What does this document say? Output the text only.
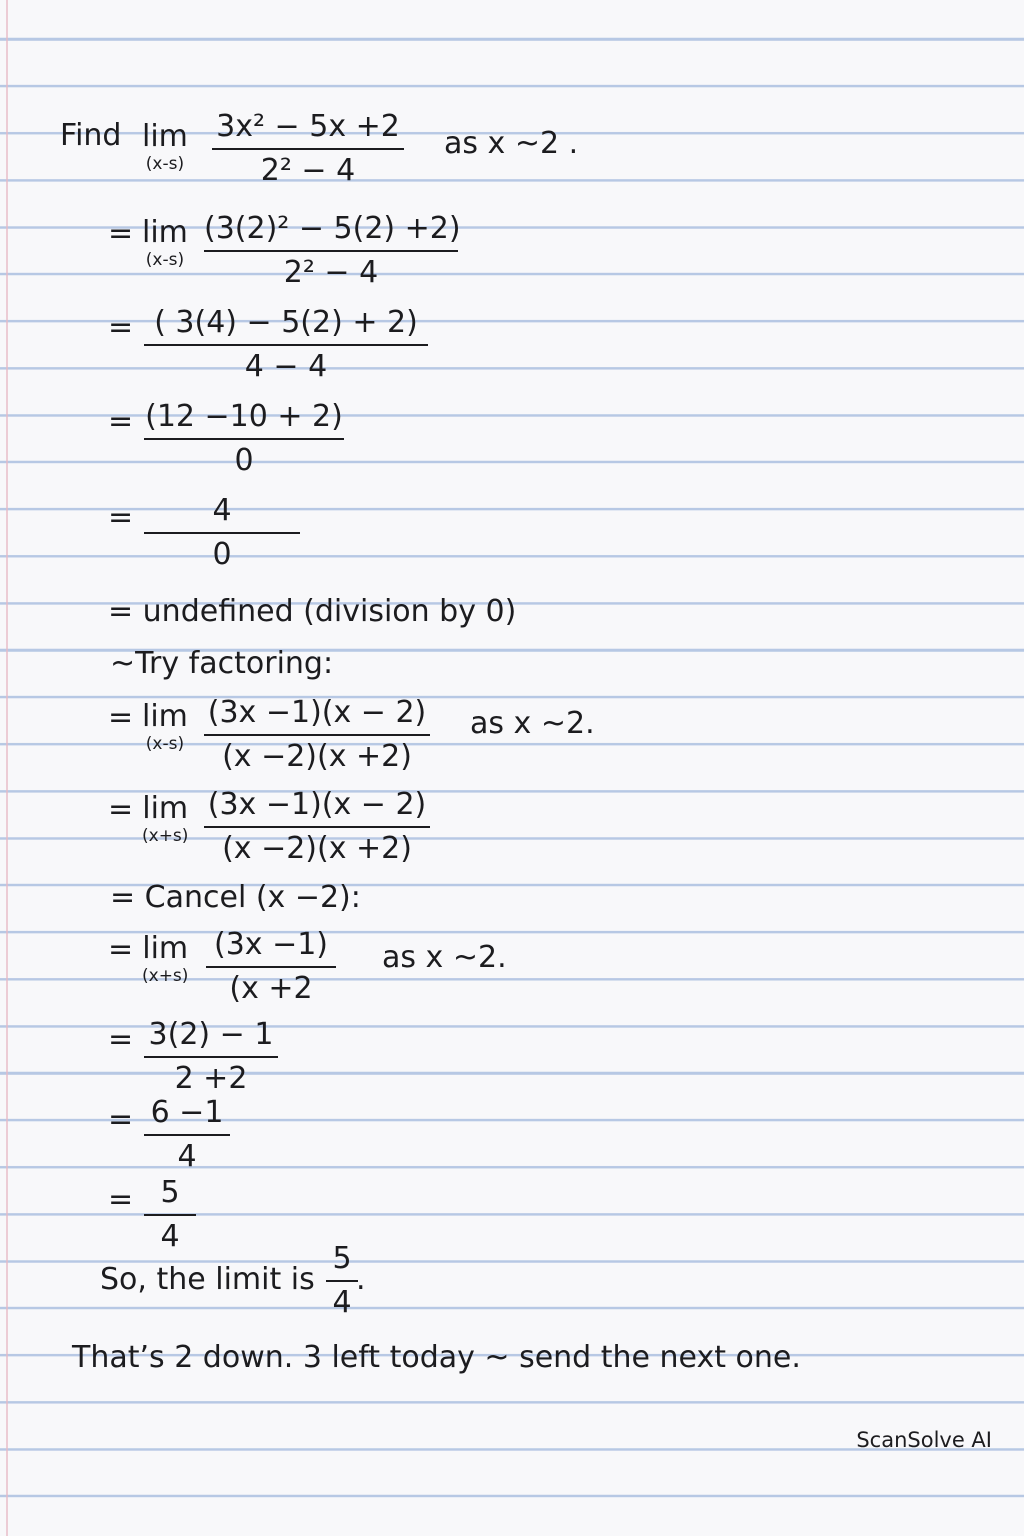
Find lim
(x-s)
3x² − 5x +2
2² − 4
as x ~2 .
= lim
(x-s)
(3(2)² − 5(2) +2)
2² − 4
= ( 3(4) − 5(2) + 2)
4 − 4
= (12 −10 + 2)
0
=	4
0
= undefined (division by 0)
~Try factoring:
= lim
(x-s)
(3x −1)(x − 2)
(x −2)(x +2)
as x ~2.
= lim
(x+s)
(3x −1)(x − 2)
(x −2)(x +2)
= Cancel (x −2):
= lim
(x+s)
(3x −1)
(x +2
as x ~2.
= 3(2) − 1
2 +2
= 6 −1
4
= 5
4
So, the limit is
5
4
.
That’s 2 down. 3 left today ~ send the next one.
ScanSolve AI
